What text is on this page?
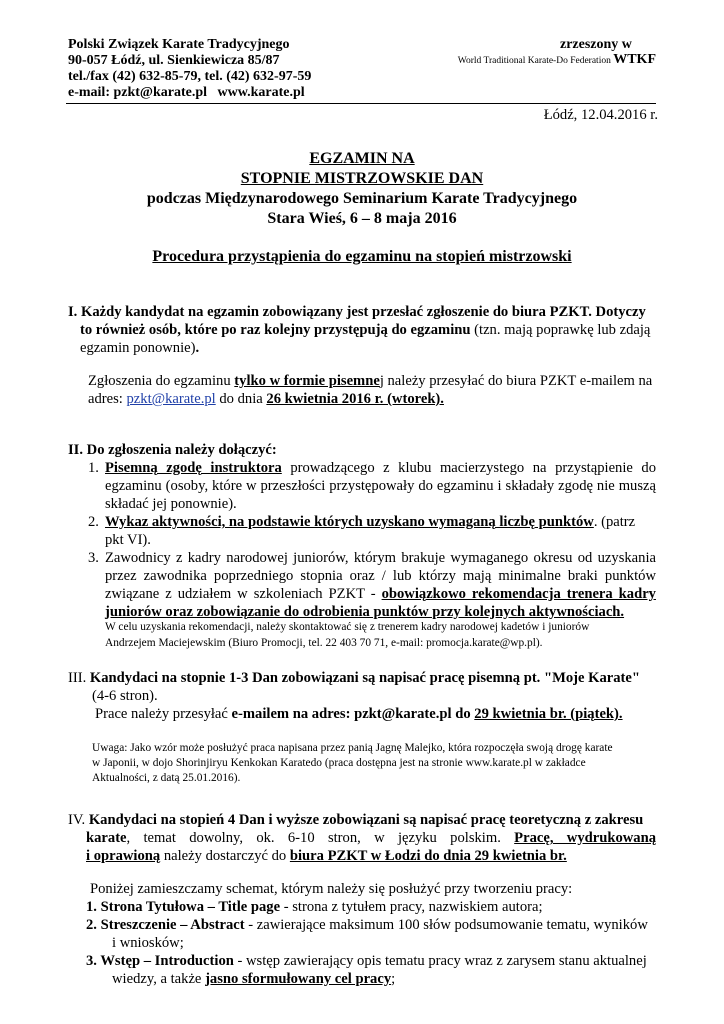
Polski Związek Karate Tradycyjnego
90-057 Łódź, ul. Sienkiewicza 85/87
tel./fax (42) 632-85-79, tel. (42) 632-97-59
e-mail: pzkt@karate.pl www.karate.pl
zrzeszony w
World Traditional Karate-Do Federation WTKF
Łódź, 12.04.2016 r.
EGZAMIN NA
STOPNIE MISTRZOWSKIE DAN
podczas Międzynarodowego Seminarium Karate Tradycyjnego
Stara Wieś, 6 – 8 maja 2016
Procedura przystąpienia do egzaminu na stopień mistrzowski
I. Każdy kandydat na egzamin zobowiązany jest przesłać zgłoszenie do biura PZKT. Dotyczy
to również osób, które po raz kolejny przystępują do egzaminu (tzn. mają poprawkę lub zdają
egzamin ponownie).
Zgłoszenia do egzaminu tylko w formie pisemnej należy przesyłać do biura PZKT e-mailem na
adres: pzkt@karate.pl do dnia 26 kwietnia 2016 r. (wtorek).
II. Do zgłoszenia należy dołączyć:
1. Pisemną zgodę instruktora prowadzącego z klubu macierzystego na przystąpienie do
egzaminu (osoby, które w przeszłości przystępowały do egzaminu i składały zgodę nie muszą
składać jej ponownie).
2. Wykaz aktywności, na podstawie których uzyskano wymaganą liczbę punktów. (patrz
pkt VI).
3. Zawodnicy z kadry narodowej juniorów, którym brakuje wymaganego okresu od uzyskania
przez zawodnika poprzedniego stopnia oraz / lub którzy mają minimalne braki punktów
związane z udziałem w szkoleniach PZKT - obowiązkowo rekomendacja trenera kadry
juniorów oraz zobowiązanie do odrobienia punktów przy kolejnych aktywnościach.
W celu uzyskania rekomendacji, należy skontaktować się z trenerem kadry narodowej kadetów i juniorów
Andrzejem Maciejewskim (Biuro Promocji, tel. 22 403 70 71, e-mail: promocja.karate@wp.pl).
III. Kandydaci na stopnie 1-3 Dan zobowiązani są napisać pracę pisemną pt. "Moje Karate"
(4-6 stron).
Prace należy przesyłać e-mailem na adres: pzkt@karate.pl do 29 kwietnia br. (piątek).
Uwaga: Jako wzór może posłużyć praca napisana przez panią Jagnę Malejko, która rozpoczęła swoją drogę karate
w Japonii, w dojo Shorinjiryu Kenkokan Karatedo (praca dostępna jest na stronie www.karate.pl w zakładce
Aktualności, z datą 25.01.2016).
IV. Kandydaci na stopień 4 Dan i wyższe zobowiązani są napisać pracę teoretyczną z zakresu
karate, temat dowolny, ok. 6-10 stron, w języku polskim. Pracę, wydrukowaną
i oprawioną należy dostarczyć do biura PZKT w Łodzi do dnia 29 kwietnia br.
Poniżej zamieszczamy schemat, którym należy się posłużyć przy tworzeniu pracy:
1. Strona Tytułowa – Title page - strona z tytułem pracy, nazwiskiem autora;
2. Streszczenie – Abstract - zawierające maksimum 100 słów podsumowanie tematu, wyników
i wniosków;
3. Wstęp – Introduction - wstęp zawierający opis tematu pracy wraz z zarysem stanu aktualnej
wiedzy, a także jasno sformułowany cel pracy;
